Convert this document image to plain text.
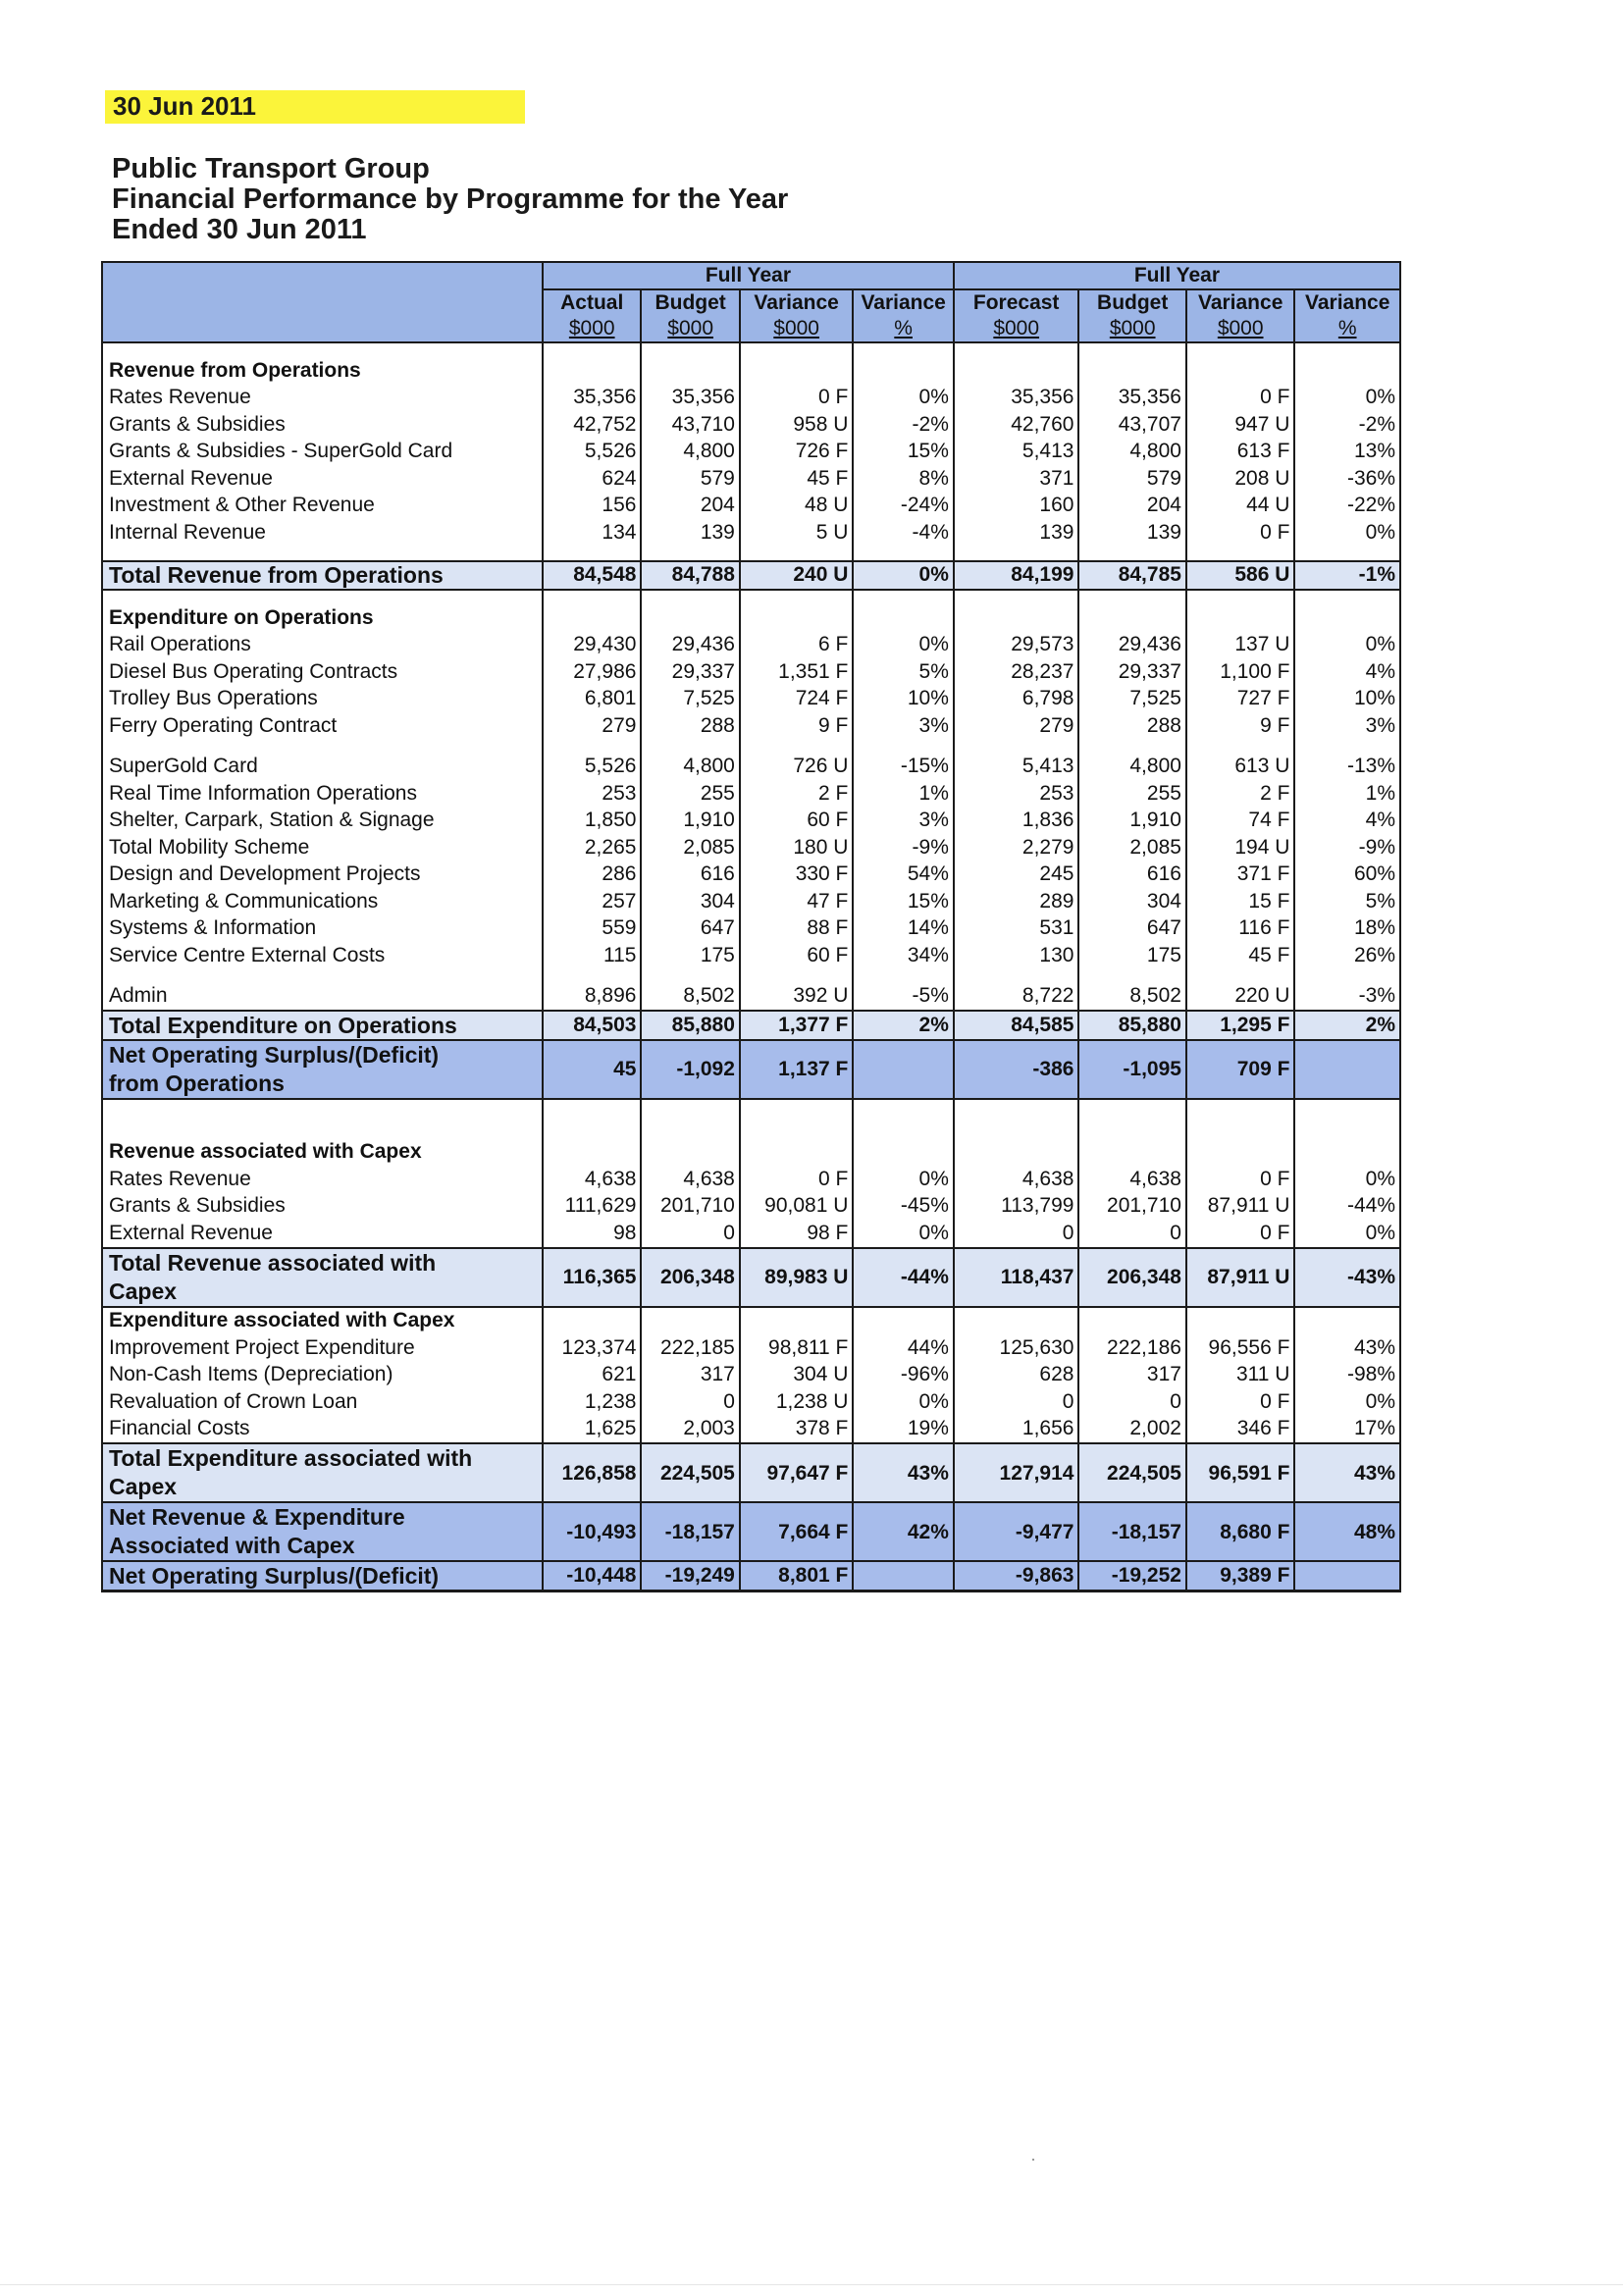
30 Jun 2011
Public Transport Group
Financial Performance by Programme for the Year
Ended 30 Jun 2011
	Full Year				Full Year			
	Actual	Budget	Variance	Variance	Forecast	Budget	Variance	Variance
	$000	$000	$000	%	$000	$000	$000	%

Revenue from Operations								
Rates Revenue	35,356	35,356	0 F	0%	35,356	35,356	0 F	0%
Grants & Subsidies	42,752	43,710	958 U	-2%	42,760	43,707	947 U	-2%
Grants & Subsidies - SuperGold Card	5,526	4,800	726 F	15%	5,413	4,800	613 F	13%
External Revenue	624	579	45 F	8%	371	579	208 U	-36%
Investment & Other Revenue	156	204	48 U	-24%	160	204	44 U	-22%
Internal Revenue	134	139	5 U	-4%	139	139	0 F	0%

Total Revenue from Operations	84,548	84,788	240 U	0%	84,199	84,785	586 U	-1%

Expenditure on Operations								
Rail Operations	29,430	29,436	6 F	0%	29,573	29,436	137 U	0%
Diesel Bus Operating Contracts	27,986	29,337	1,351 F	5%	28,237	29,337	1,100 F	4%
Trolley Bus Operations	6,801	7,525	724 F	10%	6,798	7,525	727 F	10%
Ferry Operating Contract	279	288	9 F	3%	279	288	9 F	3%

SuperGold Card	5,526	4,800	726 U	-15%	5,413	4,800	613 U	-13%
Real Time Information Operations	253	255	2 F	1%	253	255	2 F	1%
Shelter, Carpark, Station & Signage	1,850	1,910	60 F	3%	1,836	1,910	74 F	4%
Total Mobility Scheme	2,265	2,085	180 U	-9%	2,279	2,085	194 U	-9%
Design and Development Projects	286	616	330 F	54%	245	616	371 F	60%
Marketing & Communications	257	304	47 F	15%	289	304	15 F	5%
Systems & Information	559	647	88 F	14%	531	647	116 F	18%
Service Centre External Costs	115	175	60 F	34%	130	175	45 F	26%

Admin	8,896	8,502	392 U	-5%	8,722	8,502	220 U	-3%
Total Expenditure on Operations	84,503	85,880	1,377 F	2%	84,585	85,880	1,295 F	2%

Net Operating Surplus/(Deficit)
from Operations	45	-1,092	1,137 F		-386	-1,095	709 F	

Revenue associated with Capex								
Rates Revenue	4,638	4,638	0 F	0%	4,638	4,638	0 F	0%
Grants & Subsidies	111,629	201,710	90,081 U	-45%	113,799	201,710	87,911 U	-44%
External Revenue	98	0	98 F	0%	0	0	0 F	0%

Total Revenue associated with
Capex	116,365	206,348	89,983 U	-44%	118,437	206,348	87,911 U	-43%
Expenditure associated with Capex								
Improvement Project Expenditure	123,374	222,185	98,811 F	44%	125,630	222,186	96,556 F	43%
Non-Cash Items (Depreciation)	621	317	304 U	-96%	628	317	311 U	-98%
Revaluation of Crown Loan	1,238	0	1,238 U	0%	0	0	0 F	0%
Financial Costs	1,625	2,003	378 F	19%	1,656	2,002	346 F	17%

Total Expenditure associated with
Capex	126,858	224,505	97,647 F	43%	127,914	224,505	96,591 F	43%

Net Revenue & Expenditure
Associated with Capex	-10,493	-18,157	7,664 F	42%	-9,477	-18,157	8,680 F	48%
Net Operating Surplus/(Deficit)	-10,448	-19,249	8,801 F		-9,863	-19,252	9,389 F	
